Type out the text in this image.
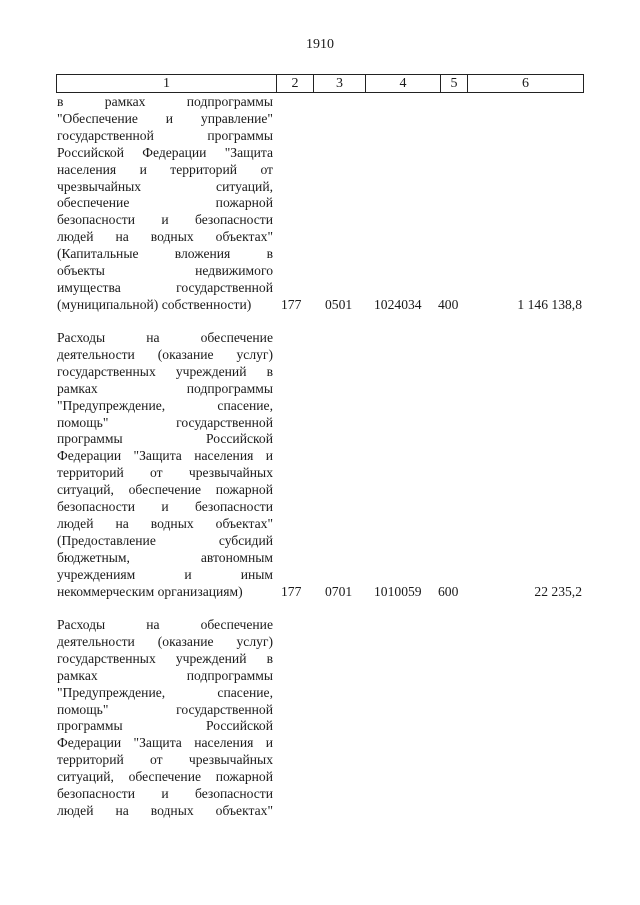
1910
1	2	3	4	5	6

в рамках подпрограммы

"Обеспечение и управление"

государственной программы

Российской Федерации "Защита

населения и территорий от

чрезвычайных ситуаций,

обеспечение пожарной

безопасности и безопасности

людей на водных объектах"

(Капитальные вложения в

объекты недвижимого

имущества государственной

(муниципальной) собственности)	177 0501 1024034 400	1 146 138,8

Расходы на обеспечение

деятельности (оказание услуг)

государственных учреждений в

рамках подпрограммы

"Предупреждение, спасение,

помощь" государственной

программы Российской

Федерации "Защита населения и

территорий от чрезвычайных

ситуаций, обеспечение пожарной

безопасности и безопасности

людей на водных объектах"

(Предоставление субсидий

бюджетным, автономным

учреждениям и иным

некоммерческим организациям)	177 0701 1010059 600	22 235,2

Расходы на обеспечение

деятельности (оказание услуг)

государственных учреждений в

рамках подпрограммы

"Предупреждение, спасение,

помощь" государственной

программы Российской

Федерации "Защита населения и

территорий от чрезвычайных

ситуаций, обеспечение пожарной

безопасности и безопасности

людей на водных объектах"
